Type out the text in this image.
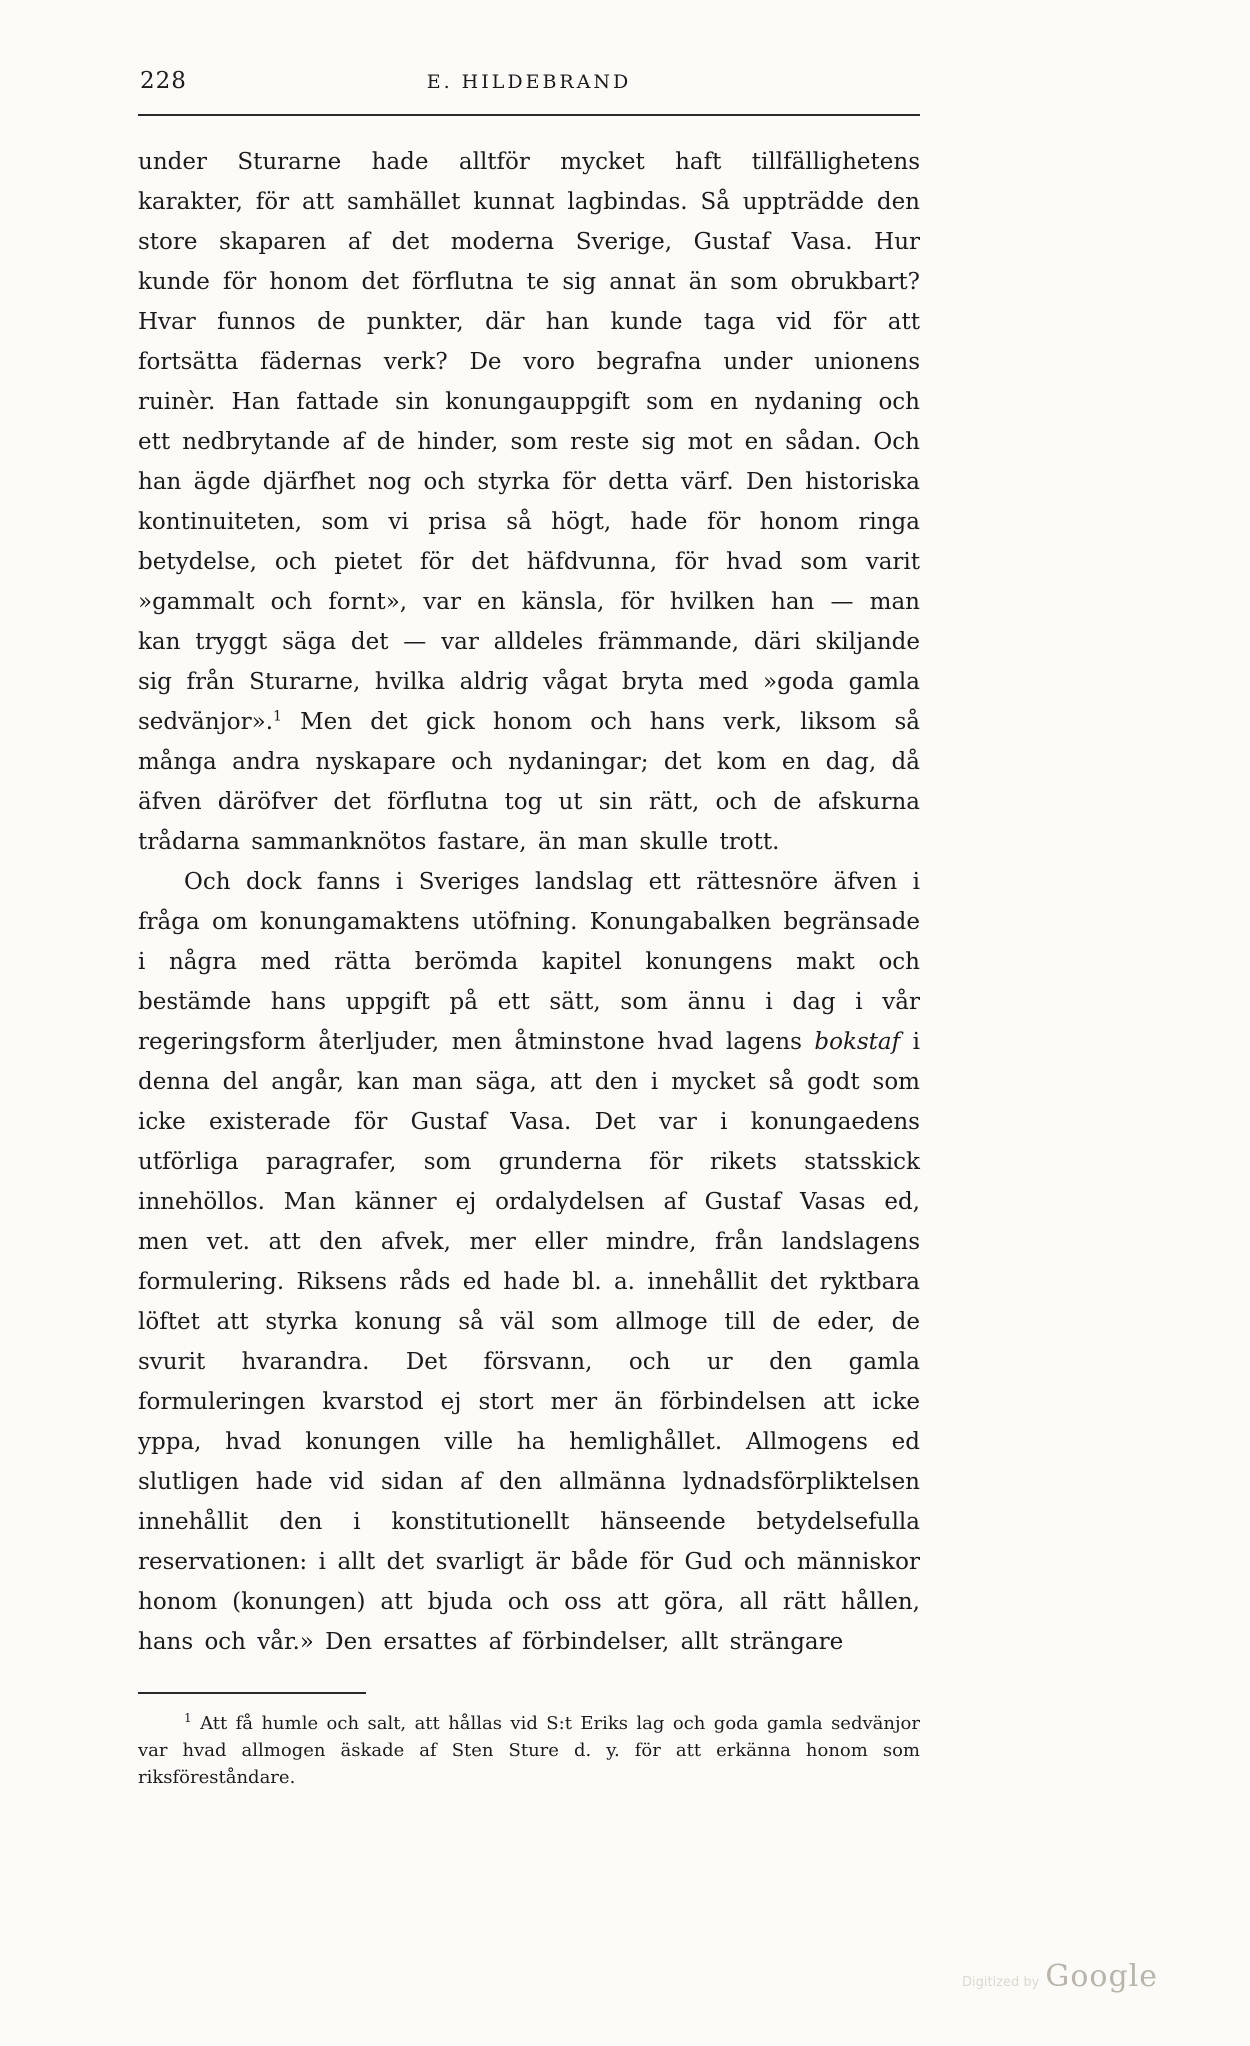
228	E. HILDEBRAND

under Sturarne hade alltför mycket haft tillfällighetens karakter, för att samhället kunnat lagbindas. Så uppträdde den store skaparen af det moderna Sverige, Gustaf Vasa. Hur kunde för honom det förflutna te sig annat än som obrukbart? Hvar funnos de punkter, där han kunde taga vid för att fortsätta fädernas verk? De voro begrafna under unionens ruinèr. Han fattade sin konungauppgift som en nydaning och ett nedbrytande af de hinder, som reste sig mot en sådan. Och han ägde djärfhet nog och styrka för detta värf. Den historiska kontinuiteten, som vi prisa så högt, hade för honom ringa betydelse, och pietet för det häfdvunna, för hvad som varit »gammalt och fornt», var en känsla, för hvilken han — man kan tryggt säga det — var alldeles främmande, däri skiljande sig från Sturarne, hvilka aldrig vågat bryta med »goda gamla sedvänjor».$^1$ Men det gick honom och hans verk, liksom så många andra nyskapare och nydaningar; det kom en dag, då äfven däröfver det förflutna tog ut sin rätt, och de afskurna trådarna sammanknötos fastare, än man skulle trott.

Och dock fanns i Sveriges landslag ett rättesnöre äfven i fråga om konungamaktens utöfning. Konungabalken begränsade i några med rätta berömda kapitel konungens makt och bestämde hans uppgift på ett sätt, som ännu i dag i vår regeringsform återljuder, men åtminstone hvad lagens bokstaf i denna del angår, kan man säga, att den i mycket så godt som icke existerade för Gustaf Vasa. Det var i konungaedens utförliga paragrafer, som grunderna för rikets statsskick innehöllos. Man känner ej ordalydelsen af Gustaf Vasas ed, men vet. att den afvek, mer eller mindre, från landslagens formulering. Riksens råds ed hade bl. a. innehållit det ryktbara löftet att styrka konung så väl som allmoge till de eder, de svurit hvarandra. Det försvann, och ur den gamla formuleringen kvarstod ej stort mer än förbindelsen att icke yppa, hvad konungen ville ha hemlighållet. Allmogens ed slutligen hade vid sidan af den allmänna lydnadsförpliktelsen innehållit den i konstitutionellt hänseende betydelsefulla reservationen: i allt det svarligt är både för Gud och människor honom (konungen) att bjuda och oss att göra, all rätt hållen, hans och vår.» Den ersattes af förbindelser, allt strängare

$^1$ Att få humle och salt, att hållas vid S:t Eriks lag och goda gamla sedvänjor var hvad allmogen äskade af Sten Sture d. y. för att erkänna honom som riksföreståndare.

Digitized by Google
